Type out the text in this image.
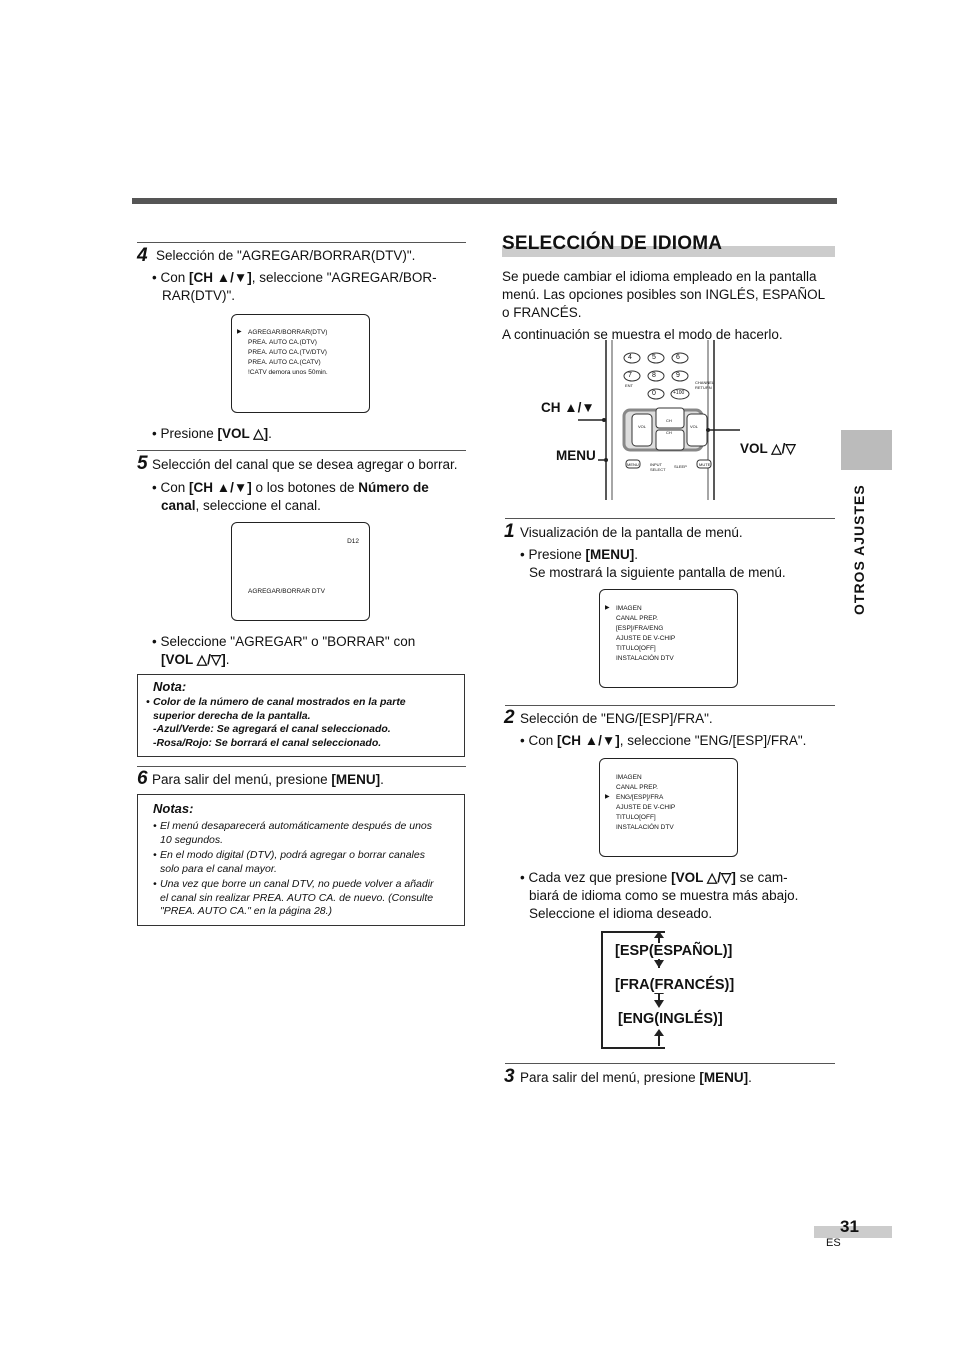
4 Selección de "AGREGAR/BORRAR(DTV)".
• Con [CH ▲/▼], seleccione "AGREGAR/BOR-
RAR(DTV)".
▶ AGREGAR/BORRAR(DTV)
PREA. AUTO CA.(DTV)
PREA. AUTO CA.(TV/DTV)
PREA. AUTO CA.(CATV)
!CATV demora unos 50min.
• Presione [VOL △].
5 Selección del canal que se desea agregar o borrar.
• Con [CH ▲/▼] o los botones de Número de
canal, seleccione el canal.
D12
AGREGAR/BORRAR DTV
• Seleccione "AGREGAR" o "BORRAR" con
[VOL △/▽].
Nota:
• Color de la número de canal mostrados en la parte
superior derecha de la pantalla.
-Azul/Verde: Se agregará el canal seleccionado.
-Rosa/Rojo: Se borrará el canal seleccionado.
6 Para salir del menú, presione [MENU].
Notas:
• El menú desaparecerá automáticamente después de unos
10 segundos.
• En el modo digital (DTV), podrá agregar o borrar canales
solo para el canal mayor.
• Una vez que borre un canal DTV, no puede volver a añadir
el canal sin realizar PREA. AUTO CA. de nuevo. (Consulte
"PREA. AUTO CA." en la página 28.)
SELECCIÓN DE IDIOMA
Se puede cambiar el idioma empleado en la pantalla
menú. Las opciones posibles son INGLÉS, ESPAÑOL
o FRANCÉS.
A continuación se muestra el modo de hacerlo.
4	5	6
7	8	9
0	+100
ENT
CHANNEL RETURN
CH
VOL	VOL
CH
MENU	INPUT SELECT
SLEEP	MUTE
CH ▲/▼
MENU	VOL △/▽
1 Visualización de la pantalla de menú.
• Presione [MENU].
Se mostrará la siguiente pantalla de menú.
▶ IMAGEN
CANAL PREP.
[ESP]/FRA/ENG
AJUSTE DE V-CHIP
TITULO[OFF]
INSTALACIÓN DTV
2 Selección de "ENG/[ESP]/FRA".
• Con [CH ▲/▼], seleccione "ENG/[ESP]/FRA".
▶
IMAGEN
CANAL PREP.
ENG/[ESP]/FRA
AJUSTE DE V-CHIP
TITULO[OFF]
INSTALACIÓN DTV
• Cada vez que presione [VOL △/▽] se cam-
biará de idioma como se muestra más abajo.
Seleccione el idioma deseado.
[ESP(ESPAÑOL)]
[FRA(FRANCÉS)]
[ENG(INGLÉS)]
3 Para salir del menú, presione [MENU].
OTROS AJUSTES
31
ES
